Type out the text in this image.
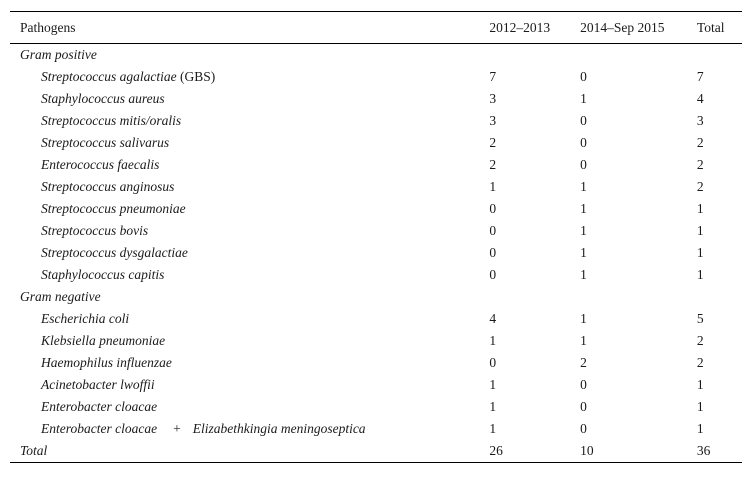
Pathogens	2012–2013	2014–Sep 2015	Total
Gram positive			
Streptococcus agalactiae (GBS)	7	0	7
Staphylococcus aureus	3	1	4
Streptococcus mitis/oralis	3	0	3
Streptococcus salivarus	2	0	2
Enterococcus faecalis	2	0	2
Streptococcus anginosus	1	1	2
Streptococcus pneumoniae	0	1	1
Streptococcus bovis	0	1	1
Streptococcus dysgalactiae	0	1	1
Staphylococcus capitis	0	1	1
Gram negative			
Escherichia coli	4	1	5
Klebsiella pneumoniae	1	1	2
Haemophilus influenzae	0	2	2
Acinetobacter lwoffii	1	0	1
Enterobacter cloacae	1	0	1
Enterobacter cloacae + Elizabethkingia meningoseptica	1	0	1
Total	26	10	36
